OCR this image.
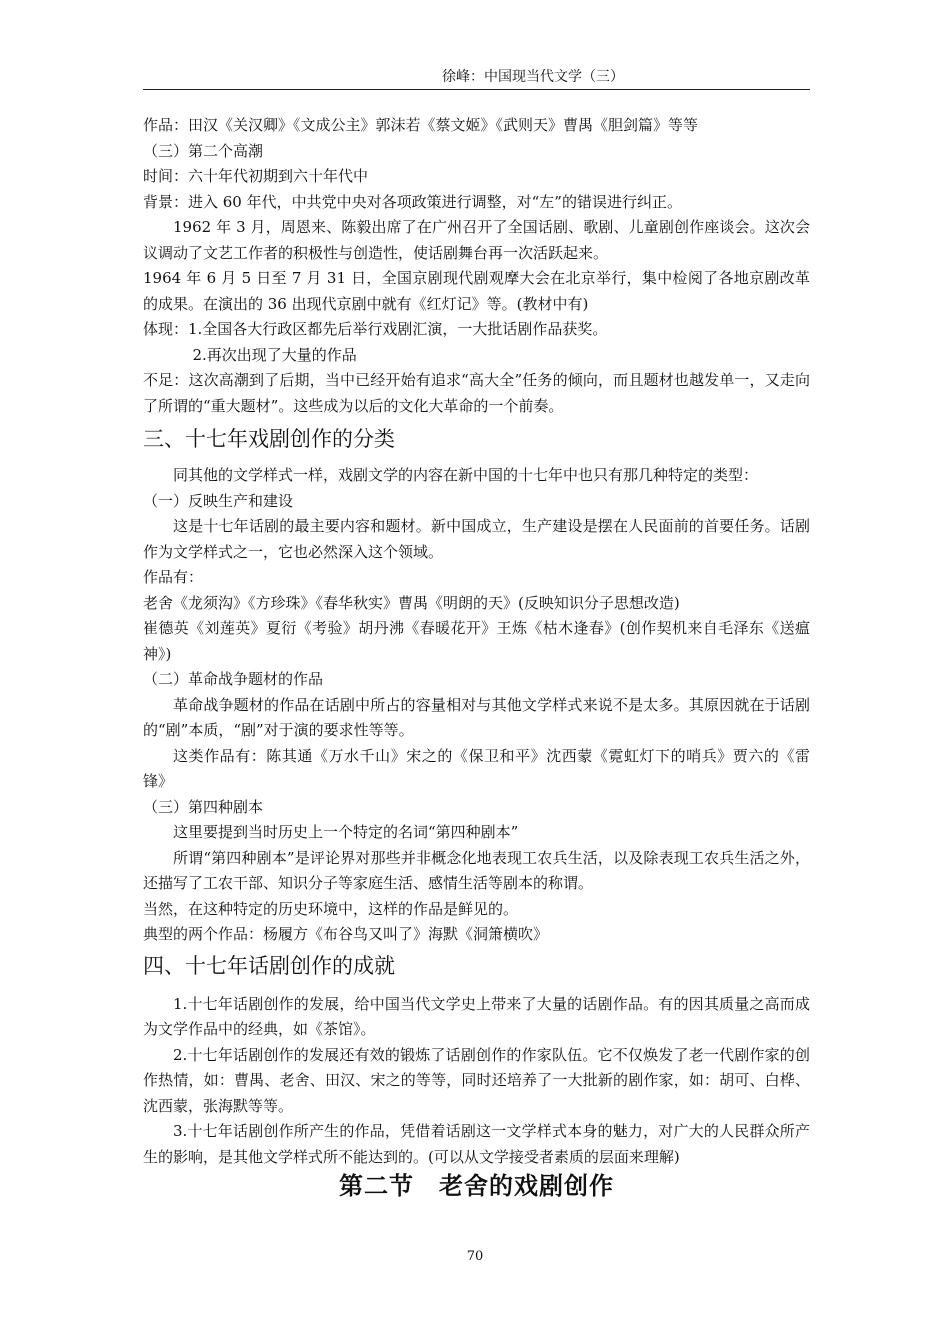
徐峰：中国现当代文学（三）

作品：田汉《关汉卿》《文成公主》郭沫若《蔡文姬》《武则天》曹禺《胆剑篇》等等

（三）第二个高潮

时间：六十年代初期到六十年代中

背景：进入 60 年代，中共党中央对各项政策进行调整，对“左”的错误进行纠正。

1962 年 3 月，周恩来、陈毅出席了在广州召开了全国话剧、歌剧、儿童剧创作座谈会。这次会议调动了文艺工作者的积极性与创造性，使话剧舞台再一次活跃起来。

1964 年 6 月 5 日至 7 月 31 日，全国京剧现代剧观摩大会在北京举行，集中检阅了各地京剧改革的成果。在演出的 36 出现代京剧中就有《红灯记》等。(教材中有)

体现：1.全国各大行政区都先后举行戏剧汇演，一大批话剧作品获奖。

2.再次出现了大量的作品

不足：这次高潮到了后期，当中已经开始有追求“高大全”任务的倾向，而且题材也越发单一，又走向了所谓的“重大题材”。这些成为以后的文化大革命的一个前奏。

三、十七年戏剧创作的分类

同其他的文学样式一样，戏剧文学的内容在新中国的十七年中也只有那几种特定的类型：

（一）反映生产和建设

这是十七年话剧的最主要内容和题材。新中国成立，生产建设是摆在人民面前的首要任务。话剧作为文学样式之一，它也必然深入这个领域。

作品有：

老舍《龙须沟》《方珍珠》《春华秋实》曹禺《明朗的天》(反映知识分子思想改造)

崔德英《刘莲英》夏衍《考验》胡丹沸《春暖花开》王炼《枯木逢春》(创作契机来自毛泽东《送瘟神》)

（二）革命战争题材的作品

革命战争题材的作品在话剧中所占的容量相对与其他文学样式来说不是太多。其原因就在于话剧的“剧”本质，“剧”对于演的要求性等等。

这类作品有：陈其通《万水千山》宋之的《保卫和平》沈西蒙《霓虹灯下的哨兵》贾六的《雷锋》

（三）第四种剧本

这里要提到当时历史上一个特定的名词“第四种剧本”

所谓“第四种剧本”是评论界对那些并非概念化地表现工农兵生活，以及除表现工农兵生活之外，还描写了工农干部、知识分子等家庭生活、感情生活等剧本的称谓。

当然，在这种特定的历史环境中，这样的作品是鲜见的。

典型的两个作品：杨履方《布谷鸟又叫了》海默《洞箫横吹》

四、十七年话剧创作的成就

1.十七年话剧创作的发展，给中国当代文学史上带来了大量的话剧作品。有的因其质量之高而成为文学作品中的经典，如《茶馆》。

2.十七年话剧创作的发展还有效的锻炼了话剧创作的作家队伍。它不仅焕发了老一代剧作家的创作热情，如：曹禺、老舍、田汉、宋之的等等，同时还培养了一大批新的剧作家，如：胡可、白桦、沈西蒙，张海默等等。

3.十七年话剧创作所产生的作品，凭借着话剧这一文学样式本身的魅力，对广大的人民群众所产生的影响，是其他文学样式所不能达到的。(可以从文学接受者素质的层面来理解)

第二节　老舍的戏剧创作
70
